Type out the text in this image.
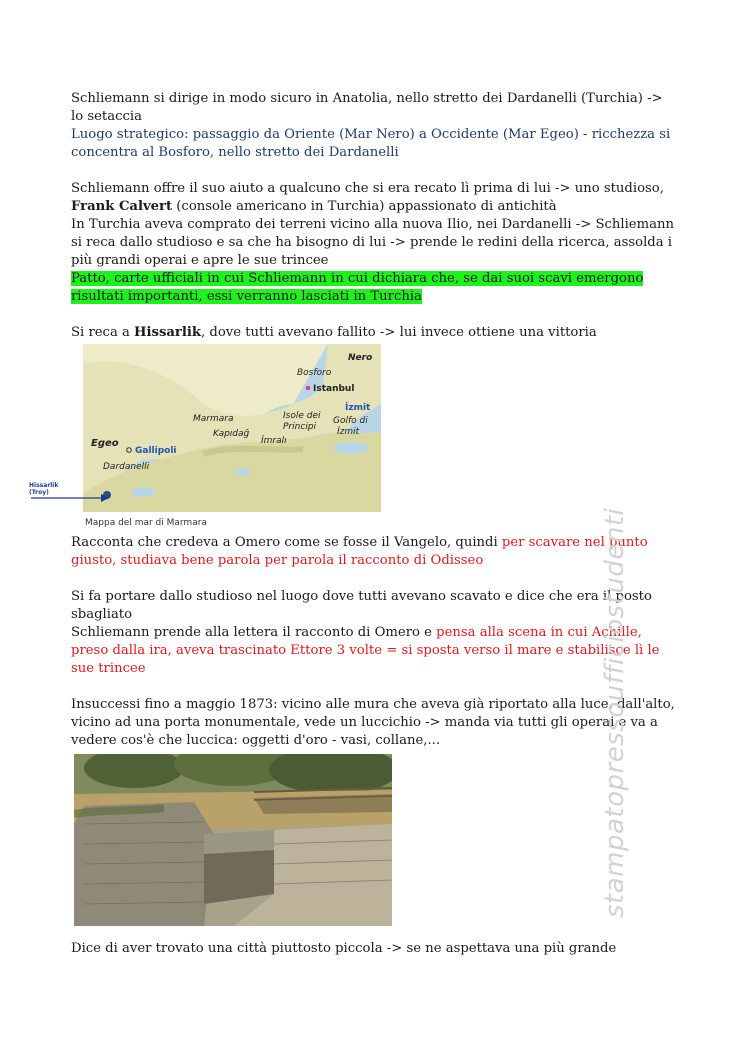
Schliemann si dirige in modo sicuro in Anatolia, nello stretto dei Dardanelli (Turchia) -> lo setaccia

Luogo strategico: passaggio da Oriente (Mar Nero) a Occidente (Mar Egeo) - ricchezza si concentra al Bosforo, nello stretto dei Dardanelli

Schliemann offre il suo aiuto a qualcuno che si era recato lì prima di lui -> uno studioso, Frank Calvert (console americano in Turchia) appassionato di antichità

In Turchia aveva comprato dei terreni vicino alla nuova Ilio, nei Dardanelli -> Schliemann si reca dallo studioso e sa che ha bisogno di lui -> prende le redini della ricerca, assolda i più grandi operai e apre le sue trincee

Patto, carte ufficiali in cui Schliemann in cui dichiara che, se dai suoi scavi emergono risultati importanti, essi verranno lasciati in Turchia

Si reca a Hissarlik, dove tutti avevano fallito -> lui invece ottiene una vittoria

Hissarlik
(Troy)
Nero
Bosforo
Istanbul
İzmit
Marmara
Kapıdağ
Isole dei
Principi
Golfo di
İzmit
İmralı
Egeo
Gallipoli
Dardanelli
Mappa del mar di Marmara

Racconta che credeva a Omero come se fosse il Vangelo, quindi per scavare nel punto giusto, studiava bene parola per parola il racconto di Odisseo

Si fa portare dallo studioso nel luogo dove tutti avevano scavato e dice che era il posto sbagliato

Schliemann prende alla lettera il racconto di Omero e pensa alla scena in cui Achille, preso dalla ira, aveva trascinato Ettore 3 volte = si sposta verso il mare e stabilisce lì le sue trincee

Insuccessi fino a maggio 1873: vicino alle mura che aveva già riportato alla luce, dall'alto, vicino ad una porta monumentale, vede un luccichio -> manda via tutti gli operai e va a vedere cos'è che luccica: oggetti d'oro - vasi, collane,...

Dice di aver trovato una città piuttosto piccola -> se ne aspettava una più grande

stampatopressoufficiostudenti
